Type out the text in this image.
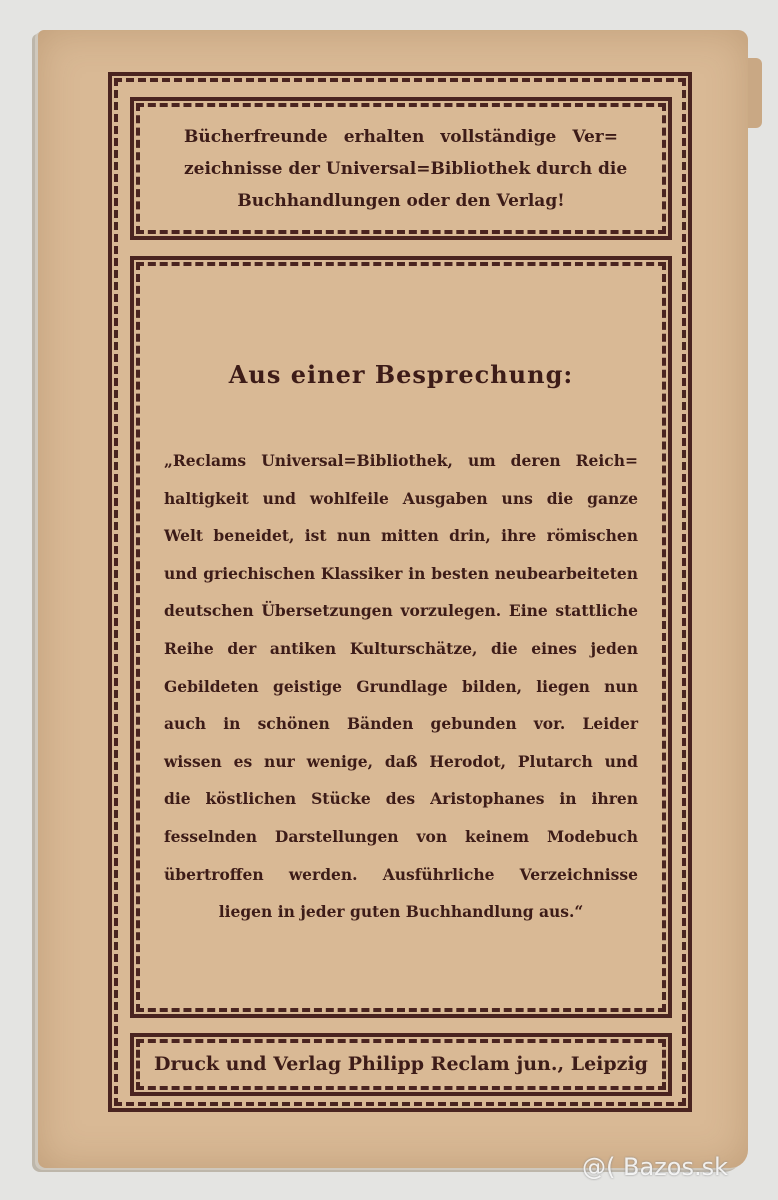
Bücherfreunde erhalten vollständige Ver=
zeichnisse der Universal=Bibliothek durch die
Buchhandlungen oder den Verlag!
Aus einer Besprechung:
„Reclams Universal=Bibliothek, um deren Reich=
haltigkeit und wohlfeile Ausgaben uns die ganze
Welt beneidet, ist nun mitten drin, ihre römischen
und griechischen Klassiker in besten neubearbeiteten
deutschen Übersetzungen vorzulegen. Eine stattliche
Reihe der antiken Kulturschätze, die eines jeden
Gebildeten geistige Grundlage bilden, liegen nun
auch in schönen Bänden gebunden vor. Leider
wissen es nur wenige, daß Herodot, Plutarch und
die köstlichen Stücke des Aristophanes in ihren
fesselnden Darstellungen von keinem Modebuch
übertroffen werden. Ausführliche Verzeichnisse
liegen in jeder guten Buchhandlung aus.“
Druck und Verlag Philipp Reclam jun., Leipzig
@( Bazos.sk
